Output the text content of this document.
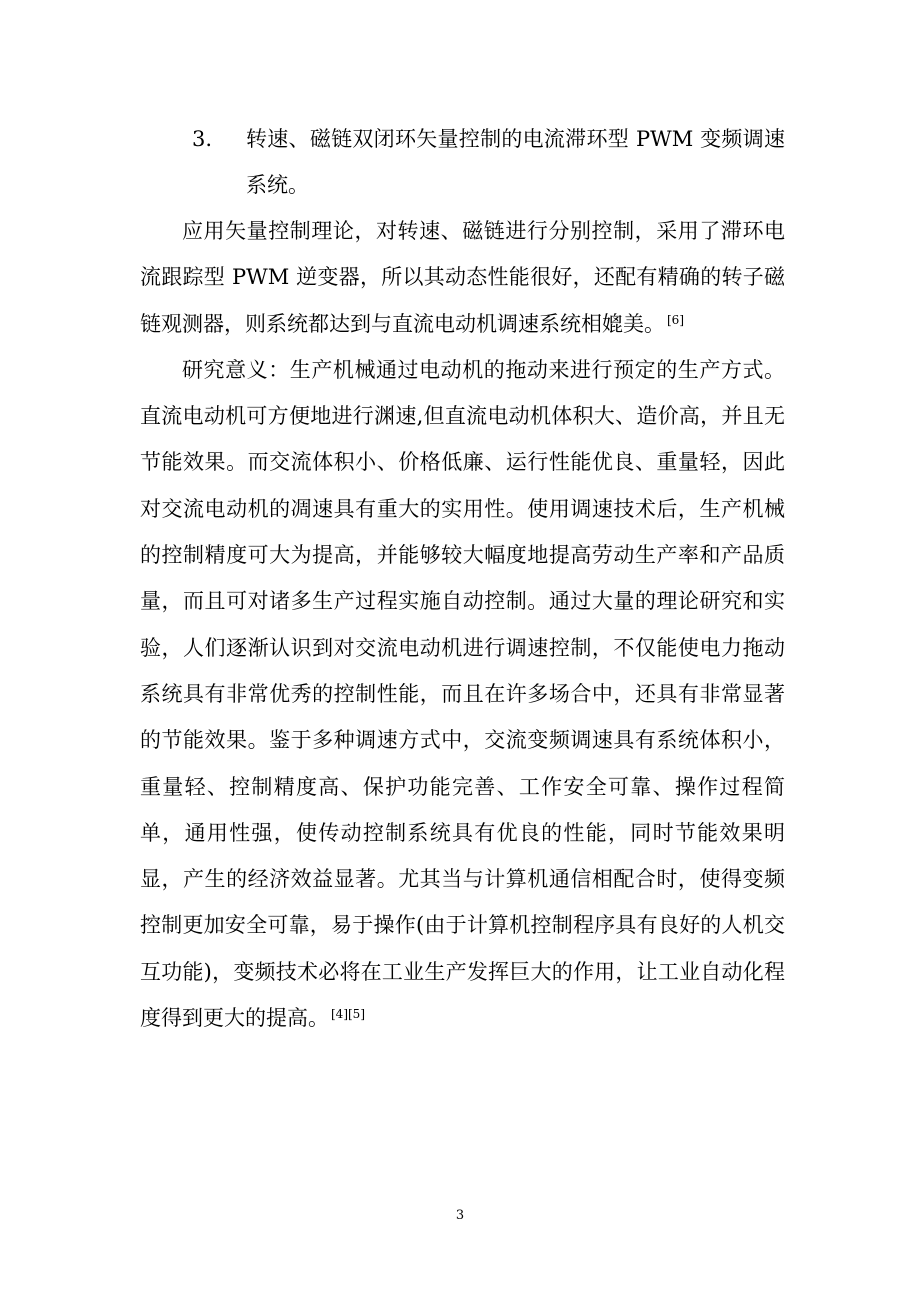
3.	转速、磁链双闭环矢量控制的电流滞环型 PWM 变频调速系统。

应用矢量控制理论，对转速、磁链进行分别控制，采用了滞环电流跟踪型 PWM 逆变器，所以其动态性能很好，还配有精确的转子磁链观测器，则系统都达到与直流电动机调速系统相媲美。 [6]

研究意义：生产机械通过电动机的拖动来进行预定的生产方式。直流电动机可方便地进行渊速,但直流电动机体积大、造价高，并且无节能效果。而交流体积小、价格低廉、运行性能优良、重量轻，因此对交流电动机的凋速具有重大的实用性。使用调速技术后，生产机械的控制精度可大为提高，并能够较大幅度地提高劳动生产率和产品质量，而且可对诸多生产过程实施自动控制。通过大量的理论研究和实验，人们逐渐认识到对交流电动机进行调速控制，不仅能使电力拖动系统具有非常优秀的控制性能，而且在许多场合中，还具有非常显著的节能效果。鉴于多种调速方式中，交流变频调速具有系统体积小，重量轻、控制精度高、保护功能完善、工作安全可靠、操作过程简单，通用性强，使传动控制系统具有优良的性能，同时节能效果明显，产生的经济效益显著。尤其当与计算机通信相配合时，使得变频控制更加安全可靠，易于操作(由于计算机控制程序具有良好的人机交互功能)，变频技术必将在工业生产发挥巨大的作用，让工业自动化程度得到更大的提高。 [4][5]

3
